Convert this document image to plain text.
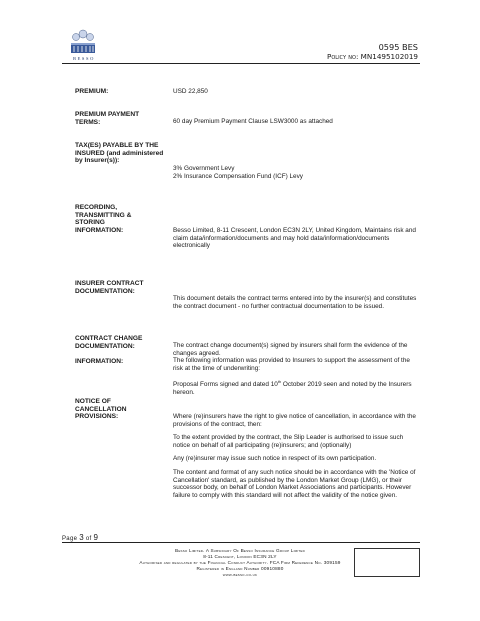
BESSO
0595 BES
Policy no: MN1495102019
PREMIUM:	USD 22,850
PREMIUM PAYMENT TERMS:	60 day Premium Payment Clause LSW3000 as attached
TAX(ES) PAYABLE BY THE INSURED (and administered by Insurer(s)):
3% Government Levy
2% Insurance Compensation Fund (ICF) Levy
RECORDING, TRANSMITTING & STORING INFORMATION:	Besso Limited, 8-11 Crescent, London EC3N 2LY, United Kingdom, Maintains risk and claim data/information/documents and may hold data/information/documents electronically
INSURER CONTRACT DOCUMENTATION:
This document details the contract terms entered into by the insurer(s) and constitutes the contract document - no further contractual documentation to be issued.
CONTRACT CHANGE DOCUMENTATION:	The contract change document(s) signed by insurers shall form the evidence of the changes agreed.
INFORMATION:	The following information was provided to Insurers to support the assessment of the risk at the time of underwriting:

Proposal Forms signed and dated 10th October 2019 seen and noted by the Insurers hereon.

NOTICE OF CANCELLATION PROVISIONS:	Where (re)insurers have the right to give notice of cancellation, in accordance with the provisions of the contract, then:

To the extent provided by the contract, the Slip Leader is authorised to issue such notice on behalf of all participating (re)insurers; and (optionally)

Any (re)insurer may issue such notice in respect of its own participation.

The content and format of any such notice should be in accordance with the 'Notice of Cancellation' standard, as published by the London Market Group (LMG), or their successor body, on behalf of London Market Associations and participants. However failure to comply with this standard will not affect the validity of the notice given.

Page 3 of 9
Besso Limited. A Subsidiary Of Besso Insurance Group Limited
8-11 Crescent, London EC3N 2LY
Authorised and regulated by the Financial Conduct Authority. FCA Firm Reference No. 309159
Registered in England Number 00910880
www.besso.co.uk
